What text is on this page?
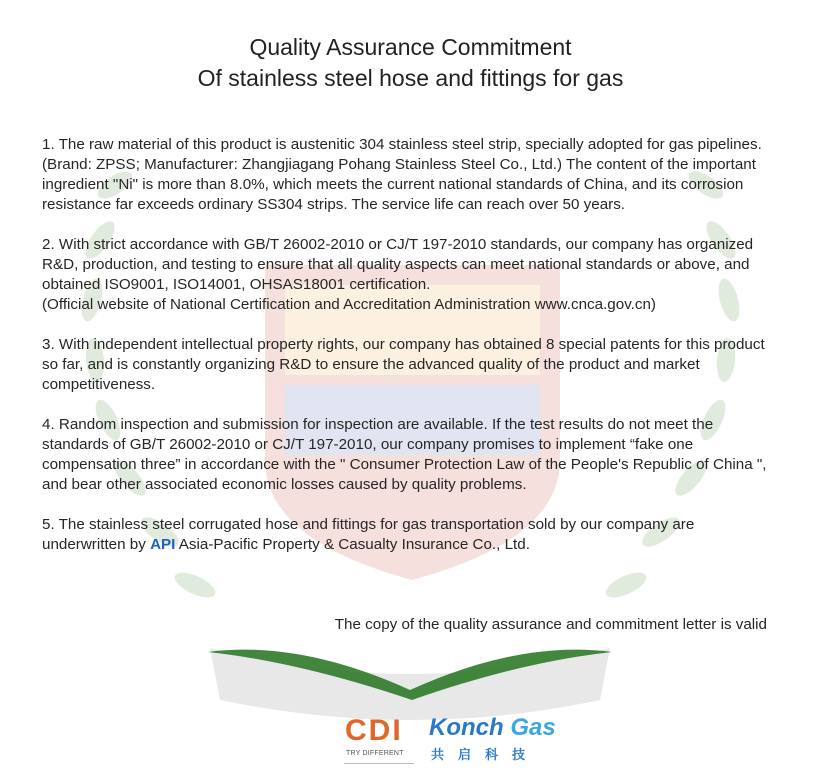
Quality Assurance Commitment
Of stainless steel hose and fittings for gas

1. The raw material of this product is austenitic 304 stainless steel strip, specially adopted for gas pipelines. (Brand: ZPSS; Manufacturer: Zhangjiagang Pohang Stainless Steel Co., Ltd.) The content of the important ingredient "Ni" is more than 8.0%, which meets the current national standards of China, and its corrosion resistance far exceeds ordinary SS304 strips. The service life can reach over 50 years.

2. With strict accordance with GB/T 26002-2010 or CJ/T 197-2010 standards, our company has organized R&D, production, and testing to ensure that all quality aspects can meet national standards or above, and obtained ISO9001, ISO14001, OHSAS18001 certification.
(Official website of National Certification and Accreditation Administration www.cnca.gov.cn)

3. With independent intellectual property rights, our company has obtained 8 special patents for this product so far, and is constantly organizing R&D to ensure the advanced quality of the product and market competitiveness.

4. Random inspection and submission for inspection are available. If the test results do not meet the standards of GB/T 26002-2010 or CJ/T 197-2010, our company promises to implement “fake one compensation three” in accordance with the " Consumer Protection Law of the People's Republic of China ", and bear other associated economic losses caused by quality problems.

5. The stainless steel corrugated hose and fittings for gas transportation sold by our company are underwritten by API Asia-Pacific Property & Casualty Insurance Co., Ltd.

The copy of the quality assurance and commitment letter is valid
CDI
TRY DIFFERENT
Konch Gas
共启科技
